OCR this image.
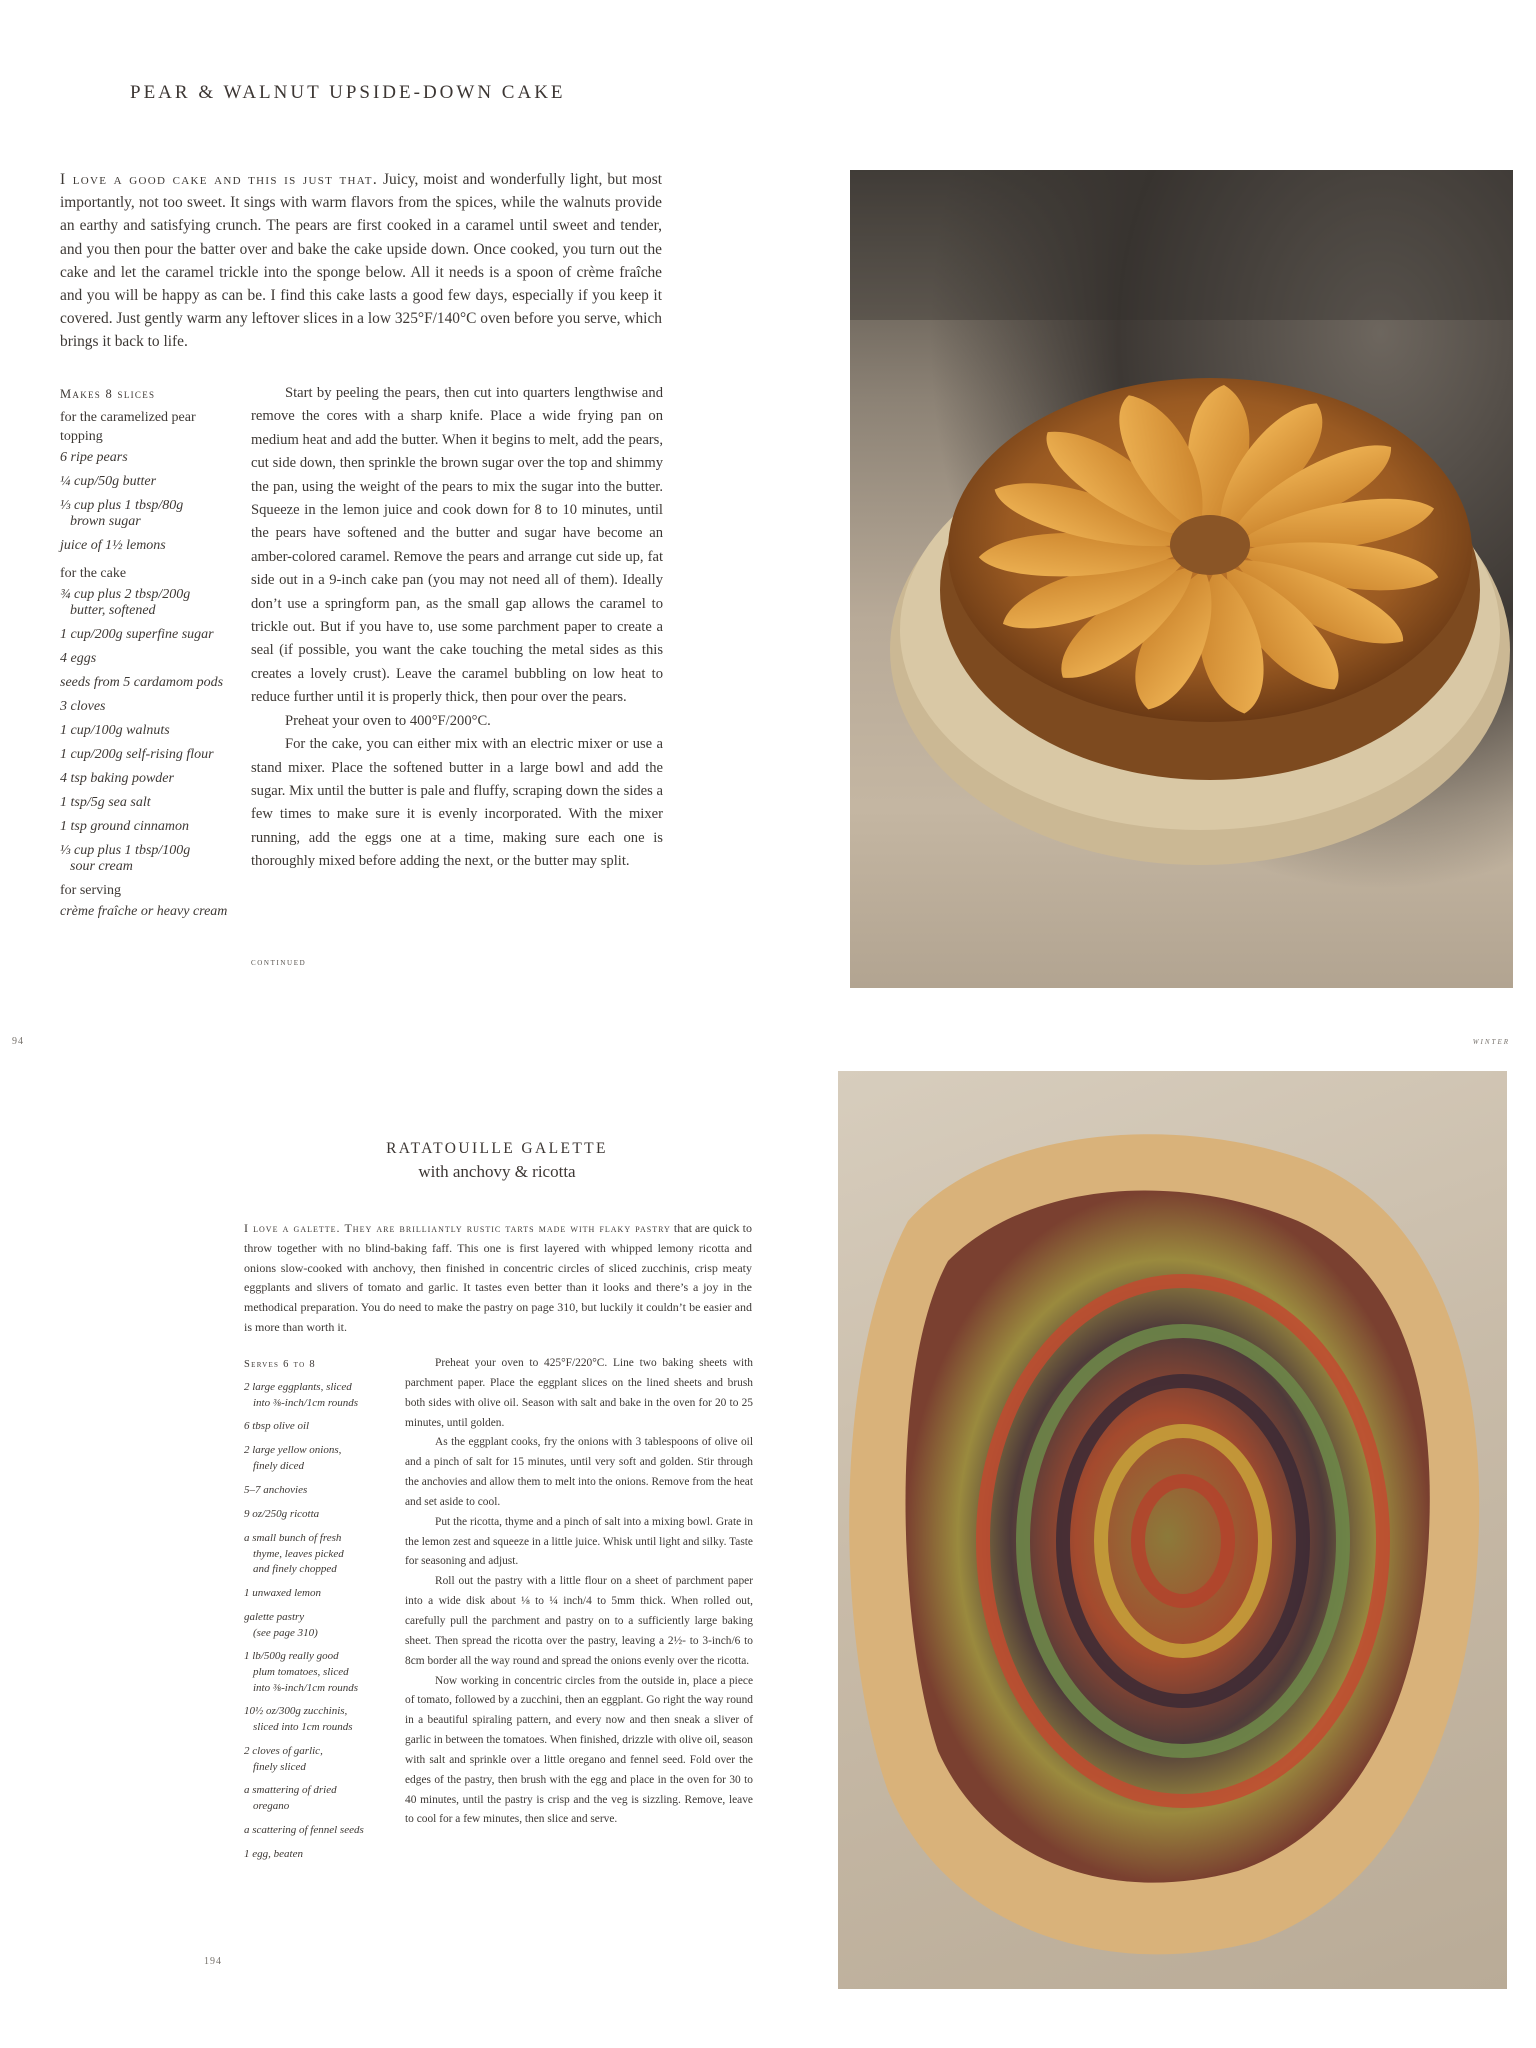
PEAR & WALNUT UPSIDE-DOWN CAKE

I love a good cake and this is just that. Juicy, moist and wonderfully light, but most importantly, not too sweet. It sings with warm flavors from the spices, while the walnuts provide an earthy and satisfying crunch. The pears are first cooked in a caramel until sweet and tender, and you then pour the batter over and bake the cake upside down. Once cooked, you turn out the cake and let the caramel trickle into the sponge below. All it needs is a spoon of crème fraîche and you will be happy as can be. I find this cake lasts a good few days, especially if you keep it covered. Just gently warm any leftover slices in a low 325°F/140°C oven before you serve, which brings it back to life.

Makes 8 slices
for the caramelized pear topping
6 ripe pears
¼ cup/50g butter
⅓ cup plus 1 tbsp/80g
brown sugar
juice of 1½ lemons
for the cake
¾ cup plus 2 tbsp/200g
butter, softened
1 cup/200g superfine sugar
4 eggs
seeds from 5 cardamom pods
3 cloves
1 cup/100g walnuts
1 cup/200g self-rising flour
4 tsp baking powder
1 tsp/5g sea salt
1 tsp ground cinnamon
⅓ cup plus 1 tbsp/100g
sour cream
for serving
crème fraîche or heavy cream

Start by peeling the pears, then cut into quarters lengthwise and remove the cores with a sharp knife. Place a wide frying pan on medium heat and add the butter. When it begins to melt, add the pears, cut side down, then sprinkle the brown sugar over the top and shimmy the pan, using the weight of the pears to mix the sugar into the butter. Squeeze in the lemon juice and cook down for 8 to 10 minutes, until the pears have softened and the butter and sugar have become an amber-colored caramel. Remove the pears and arrange cut side up, fat side out in a 9-inch cake pan (you may not need all of them). Ideally don’t use a springform pan, as the small gap allows the caramel to trickle out. But if you have to, use some parchment paper to create a seal (if possible, you want the cake touching the metal sides as this creates a lovely crust). Leave the caramel bubbling on low heat to reduce further until it is properly thick, then pour over the pears.

Preheat your oven to 400°F/200°C.

For the cake, you can either mix with an electric mixer or use a stand mixer. Place the softened butter in a large bowl and add the sugar. Mix until the butter is pale and fluffy, scraping down the sides a few times to make sure it is evenly incorporated. With the mixer running, add the eggs one at a time, making sure each one is thoroughly mixed before adding the next, or the butter may split.

continued
94	winter
RATATOUILLE GALETTE
with anchovy & ricotta

I love a galette. They are brilliantly rustic tarts made with flaky pastry that are quick to throw together with no blind-baking faff. This one is first layered with whipped lemony ricotta and onions slow-cooked with anchovy, then finished in concentric circles of sliced zucchinis, crisp meaty eggplants and slivers of tomato and garlic. It tastes even better than it looks and there’s a joy in the methodical preparation. You do need to make the pastry on page 310, but luckily it couldn’t be easier and is more than worth it.

Serves 6 to 8
2 large eggplants, sliced
into ⅜-inch/1cm rounds
6 tbsp olive oil
2 large yellow onions,
finely diced
5–7 anchovies
9 oz/250g ricotta
a small bunch of fresh
thyme, leaves picked
and finely chopped
1 unwaxed lemon
galette pastry
(see page 310)
1 lb/500g really good
plum tomatoes, sliced
into ⅜-inch/1cm rounds
10½ oz/300g zucchinis,
sliced into 1cm rounds
2 cloves of garlic,
finely sliced
a smattering of dried
oregano
a scattering of fennel seeds
1 egg, beaten

Preheat your oven to 425°F/220°C. Line two baking sheets with parchment paper. Place the eggplant slices on the lined sheets and brush both sides with olive oil. Season with salt and bake in the oven for 20 to 25 minutes, until golden.

As the eggplant cooks, fry the onions with 3 tablespoons of olive oil and a pinch of salt for 15 minutes, until very soft and golden. Stir through the anchovies and allow them to melt into the onions. Remove from the heat and set aside to cool.

Put the ricotta, thyme and a pinch of salt into a mixing bowl. Grate in the lemon zest and squeeze in a little juice. Whisk until light and silky. Taste for seasoning and adjust.

Roll out the pastry with a little flour on a sheet of parchment paper into a wide disk about ⅛ to ¼ inch/4 to 5mm thick. When rolled out, carefully pull the parchment and pastry on to a sufficiently large baking sheet. Then spread the ricotta over the pastry, leaving a 2½- to 3-inch/6 to 8cm border all the way round and spread the onions evenly over the ricotta.

Now working in concentric circles from the outside in, place a piece of tomato, followed by a zucchini, then an eggplant. Go right the way round in a beautiful spiraling pattern, and every now and then sneak a sliver of garlic in between the tomatoes. When finished, drizzle with olive oil, season with salt and sprinkle over a little oregano and fennel seed. Fold over the edges of the pastry, then brush with the egg and place in the oven for 30 to 40 minutes, until the pastry is crisp and the veg is sizzling. Remove, leave to cool for a few minutes, then slice and serve.

194
